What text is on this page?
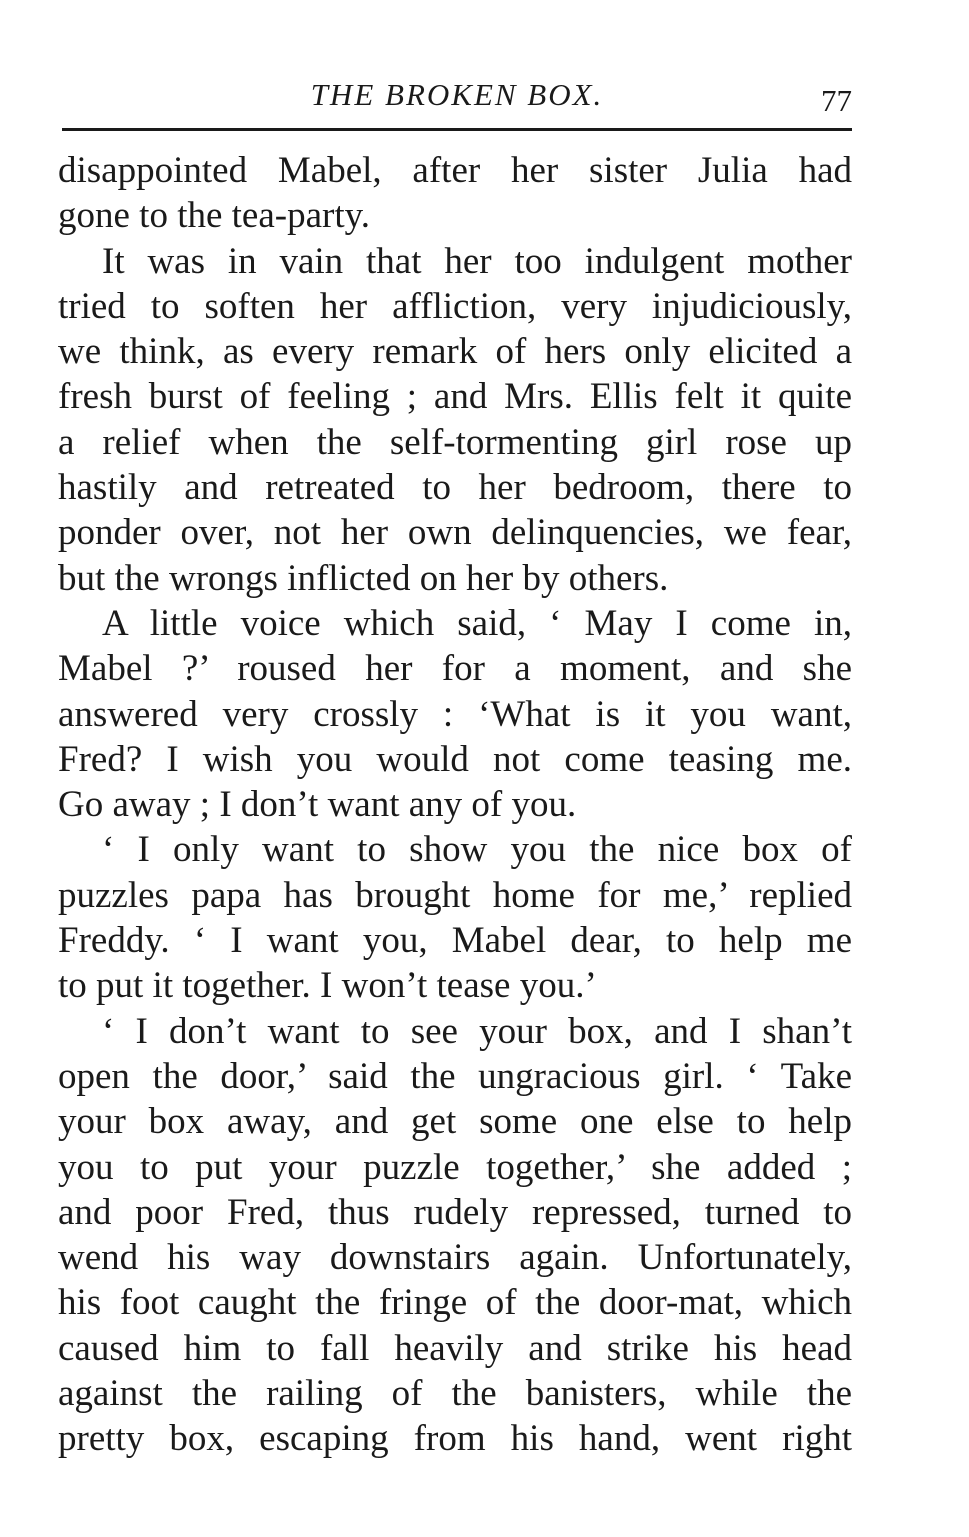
THE BROKEN BOX.	77
disappointed Mabel, after her sister Julia had
gone to the tea-party.
It was in vain that her too indulgent mother
tried to soften her affliction, very injudiciously,
we think, as every remark of hers only elicited a
fresh burst of feeling ; and Mrs. Ellis felt it quite
a relief when the self-tormenting girl rose up
hastily and retreated to her bedroom, there to
ponder over, not her own delinquencies, we fear,
but the wrongs inflicted on her by others.
A little voice which said, ‘ May I come in,
Mabel ?’ roused her for a moment, and she
answered very crossly : ‘What is it you want,
Fred? I wish you would not come teasing me.
Go away ; I don’t want any of you.
‘ I only want to show you the nice box of
puzzles papa has brought home for me,’ replied
Freddy. ‘ I want you, Mabel dear, to help me
to put it together. I won’t tease you.’
‘ I don’t want to see your box, and I shan’t
open the door,’ said the ungracious girl. ‘ Take
your box away, and get some one else to help
you to put your puzzle together,’ she added ;
and poor Fred, thus rudely repressed, turned to
wend his way downstairs again. Unfortunately,
his foot caught the fringe of the door-mat, which
caused him to fall heavily and strike his head
against the railing of the banisters, while the
pretty box, escaping from his hand, went right
